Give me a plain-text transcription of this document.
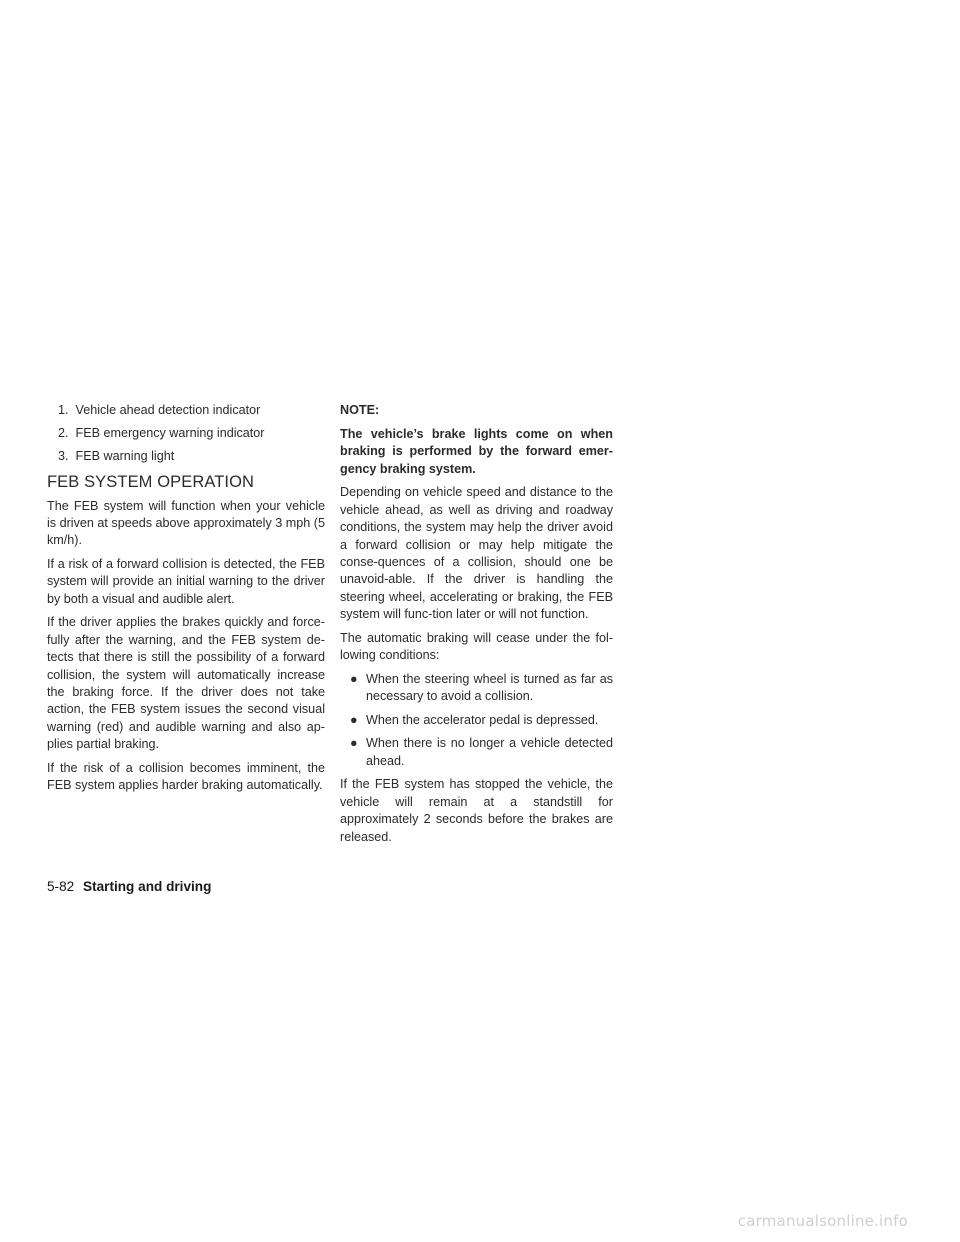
1. Vehicle ahead detection indicator
2. FEB emergency warning indicator
3. FEB warning light
FEB SYSTEM OPERATION

The FEB system will function when your vehicle is driven at speeds above approximately 3 mph (5 km/h).

If a risk of a forward collision is detected, the FEB system will provide an initial warning to the driver by both a visual and audible alert.

If the driver applies the brakes quickly and force-fully after the warning, and the FEB system de-tects that there is still the possibility of a forward collision, the system will automatically increase the braking force. If the driver does not take action, the FEB system issues the second visual warning (red) and audible warning and also ap-plies partial braking.

If the risk of a collision becomes imminent, the FEB system applies harder braking automatically.

NOTE:

The vehicle’s brake lights come on when braking is performed by the forward emer-gency braking system.

Depending on vehicle speed and distance to the vehicle ahead, as well as driving and roadway conditions, the system may help the driver avoid a forward collision or may help mitigate the conse-quences of a collision, should one be unavoid-able. If the driver is handling the steering wheel, accelerating or braking, the FEB system will func-tion later or will not function.

The automatic braking will cease under the fol-lowing conditions:

● When the steering wheel is turned as far as necessary to avoid a collision.
● When the accelerator pedal is depressed.
● When there is no longer a vehicle detected ahead.

If the FEB system has stopped the vehicle, the vehicle will remain at a standstill for approximately 2 seconds before the brakes are released.

5-82 Starting and driving
carmanualsonline.info
